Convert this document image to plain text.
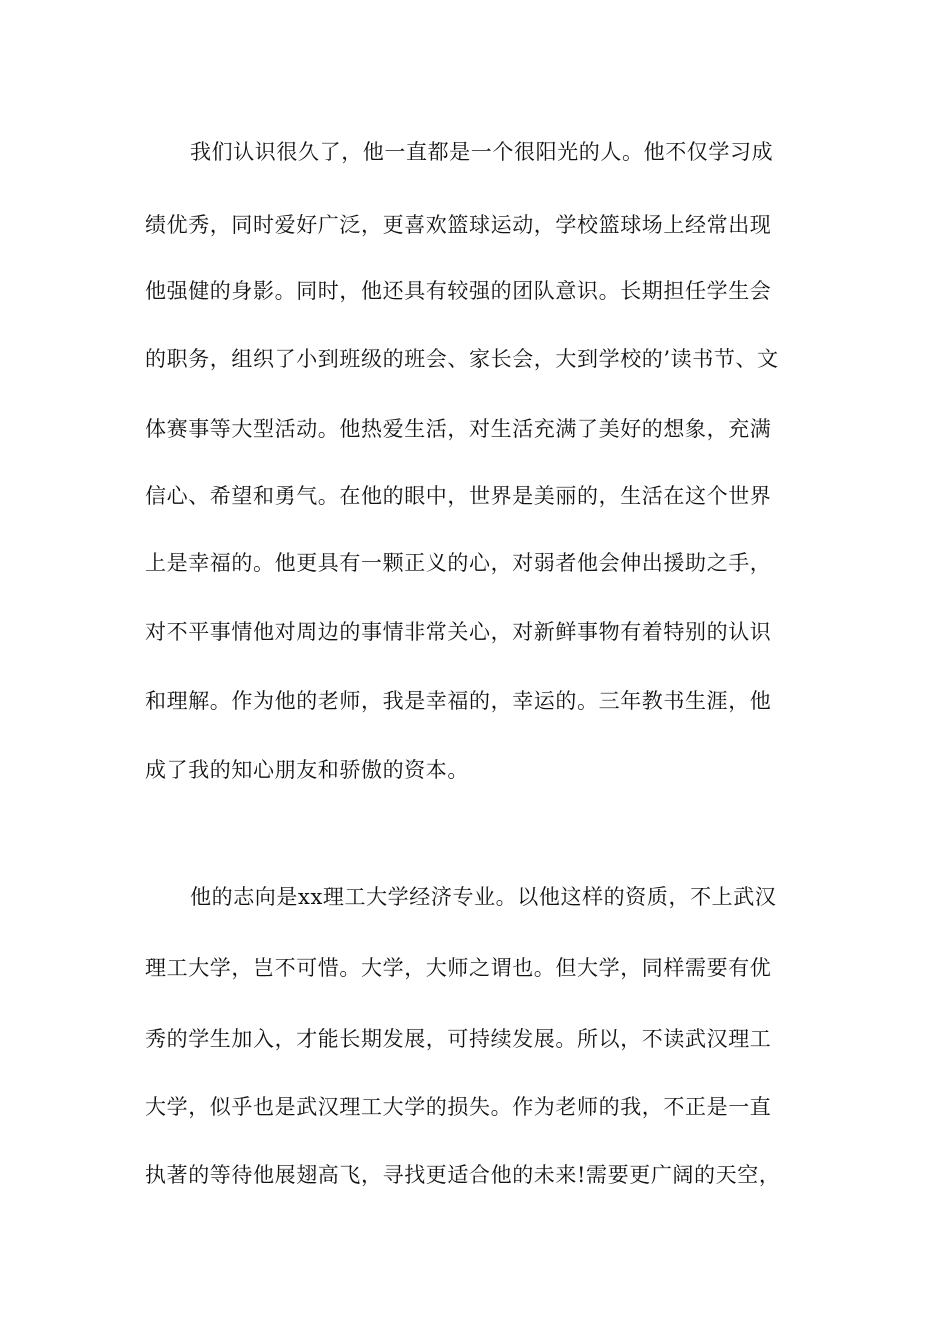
我们认识很久了，他一直都是一个很阳光的人。他不仅学习成
绩优秀，同时爱好广泛，更喜欢篮球运动，学校篮球场上经常出现
他强健的身影。同时，他还具有较强的团队意识。长期担任学生会
的职务，组织了小到班级的班会、家长会，大到学校的’读书节、文
体赛事等大型活动。他热爱生活，对生活充满了美好的想象，充满
信心、希望和勇气。在他的眼中，世界是美丽的，生活在这个世界
上是幸福的。他更具有一颗正义的心，对弱者他会伸出援助之手，
对不平事情他对周边的事情非常关心，对新鲜事物有着特别的认识
和理解。作为他的老师，我是幸福的，幸运的。三年教书生涯，他
成了我的知心朋友和骄傲的资本。
他的志向是xx理工大学经济专业。以他这样的资质，不上武汉
理工大学，岂不可惜。大学，大师之谓也。但大学，同样需要有优
秀的学生加入，才能长期发展，可持续发展。所以，不读武汉理工
大学，似乎也是武汉理工大学的损失。作为老师的我，不正是一直
执著的等待他展翅高飞，寻找更适合他的未来!需要更广阔的天空，
